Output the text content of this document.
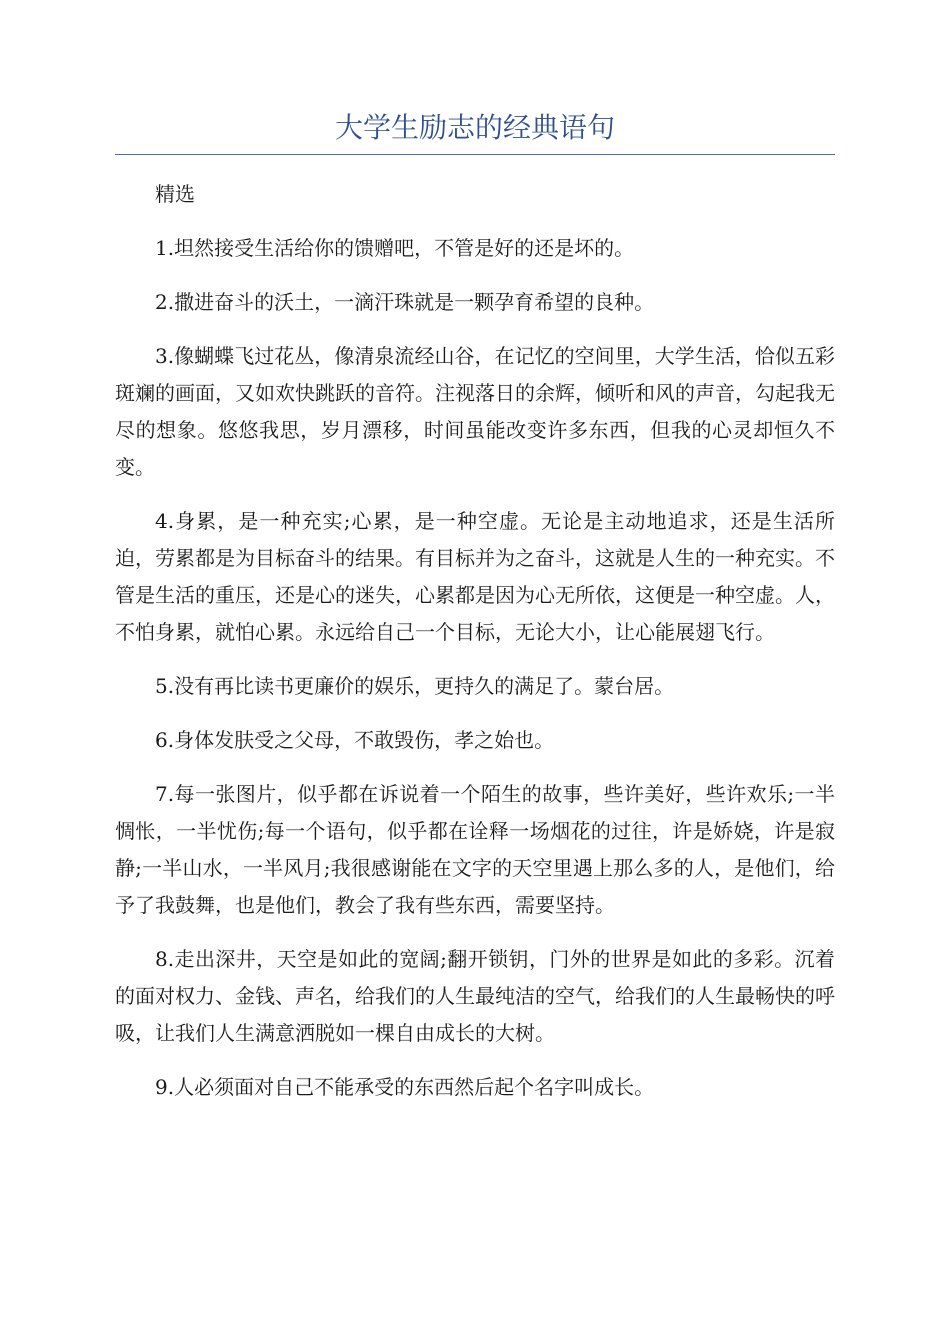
大学生励志的经典语句

精选

1.坦然接受生活给你的馈赠吧，不管是好的还是坏的。

2.撒进奋斗的沃土，一滴汗珠就是一颗孕育希望的良种。

3.像蝴蝶飞过花丛，像清泉流经山谷，在记忆的空间里，大学生活，恰似五彩斑斓的画面，又如欢快跳跃的音符。注视落日的余辉，倾听和风的声音，勾起我无尽的想象。悠悠我思，岁月漂移，时间虽能改变许多东西，但我的心灵却恒久不变。

4.身累，是一种充实;心累，是一种空虚。无论是主动地追求，还是生活所迫，劳累都是为目标奋斗的结果。有目标并为之奋斗，这就是人生的一种充实。不管是生活的重压，还是心的迷失，心累都是因为心无所依，这便是一种空虚。人，不怕身累，就怕心累。永远给自己一个目标，无论大小，让心能展翅飞行。

5.没有再比读书更廉价的娱乐，更持久的满足了。蒙台居。

6.身体发肤受之父母，不敢毁伤，孝之始也。

7.每一张图片，似乎都在诉说着一个陌生的故事，些许美好，些许欢乐;一半惆怅，一半忧伤;每一个语句，似乎都在诠释一场烟花的过往，许是娇娆，许是寂静;一半山水，一半风月;我很感谢能在文字的天空里遇上那么多的人，是他们，给予了我鼓舞，也是他们，教会了我有些东西，需要坚持。

8.走出深井，天空是如此的宽阔;翻开锁钥，门外的世界是如此的多彩。沉着的面对权力、金钱、声名，给我们的人生最纯洁的空气，给我们的人生最畅快的呼吸，让我们人生满意洒脱如一棵自由成长的大树。

9.人必须面对自己不能承受的东西然后起个名字叫成长。
